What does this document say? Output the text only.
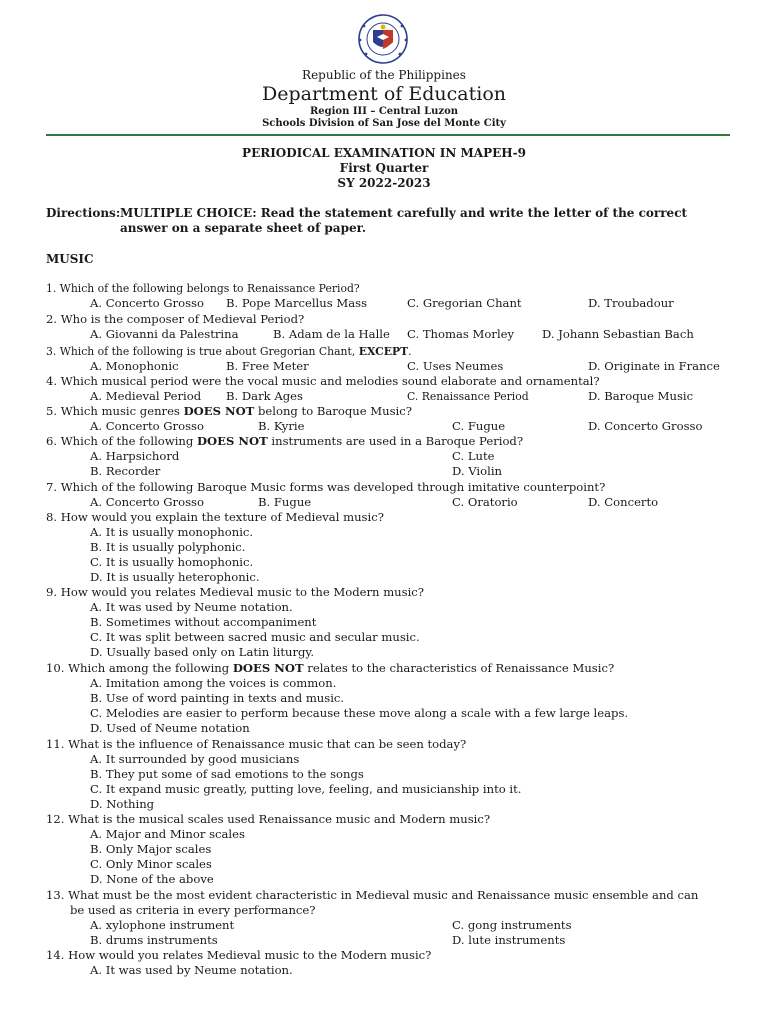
Republic of the Philippines
Department of Education
Region III – Central Luzon
Schools Division of San Jose del Monte City
PERIODICAL EXAMINATION IN MAPEH-9
First Quarter
SY 2022-2023
Directions:MULTIPLE CHOICE: Read the statement carefully and write the letter of the correct
answer on a separate sheet of paper.
MUSIC
1. Which of the following belongs to Renaissance Period?
A. Concerto Grosso B. Pope Marcellus Mass	C. Gregorian Chant	D. Troubadour
2. Who is the composer of Medieval Period?
A. Giovanni da Palestrina	B. Adam de la Halle C. Thomas Morley D. Johann Sebastian Bach
3. Which of the following is true about Gregorian Chant, EXCEPT.
A. Monophonic	B. Free Meter	C. Uses Neumes	D. Originate in France
4. Which musical period were the vocal music and melodies sound elaborate and ornamental?
A. Medieval Period B. Dark Ages	C. Renaissance Period	D. Baroque Music
5. Which music genres DOES NOT belong to Baroque Music?
A. Concerto Grosso	B. Kyrie	C. Fugue	D. Concerto Grosso
6. Which of the following DOES NOT instruments are used in a Baroque Period?
A. Harpsichord	C. Lute
B. Recorder	D. Violin
7. Which of the following Baroque Music forms was developed through imitative counterpoint?
A. Concerto Grosso	B. Fugue	C. Oratorio	D. Concerto
8. How would you explain the texture of Medieval music?
A. It is usually monophonic.
B. It is usually polyphonic.
C. It is usually homophonic.
D. It is usually heterophonic.
9. How would you relates Medieval music to the Modern music?
A. It was used by Neume notation.
B. Sometimes without accompaniment
C. It was split between sacred music and secular music.
D. Usually based only on Latin liturgy.
10. Which among the following DOES NOT relates to the characteristics of Renaissance Music?
A. Imitation among the voices is common.
B. Use of word painting in texts and music.
C. Melodies are easier to perform because these move along a scale with a few large leaps.
D. Used of Neume notation
11. What is the influence of Renaissance music that can be seen today?
A. It surrounded by good musicians
B. They put some of sad emotions to the songs
C. It expand music greatly, putting love, feeling, and musicianship into it.
D. Nothing
12. What is the musical scales used Renaissance music and Modern music?
A. Major and Minor scales
B. Only Major scales
C. Only Minor scales
D. None of the above
13. What must be the most evident characteristic in Medieval music and Renaissance music ensemble and can
be used as criteria in every performance?
A. xylophone instrument	C. gong instruments
B. drums instruments	D. lute instruments
14. How would you relates Medieval music to the Modern music?
A. It was used by Neume notation.
